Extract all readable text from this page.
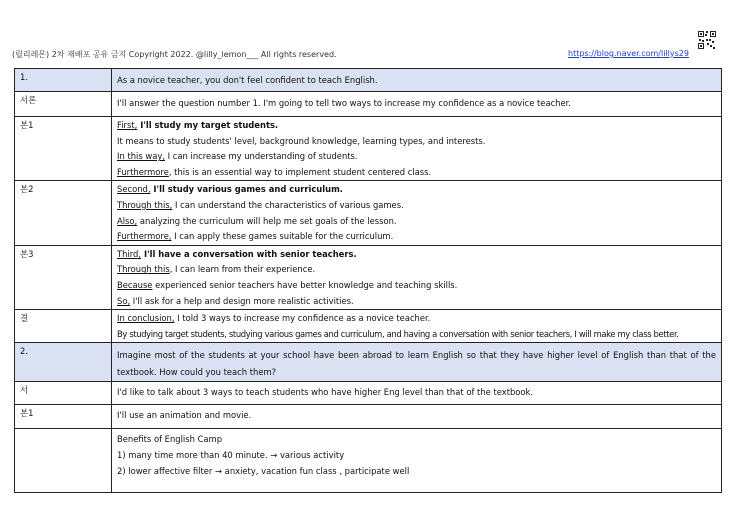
(릴리레몬) 2차 재배포 공유 금지 Copyright 2022. @lilly_lemon___ All rights reserved.	https://blog.naver.com/lillys29
1.	As a novice teacher, you don't feel confident to teach English.
서론	I'll answer the question number 1. I'm going to tell two ways to increase my confidence as a novice teacher.
본1	First, I'll study my target students.
It means to study students' level, background knowledge, learning types, and interests.
In this way, I can increase my understanding of students.
Furthermore, this is an essential way to implement student centered class.

본2	Second, I'll study various games and curriculum.
Through this, I can understand the characteristics of various games.
Also, analyzing the curriculum will help me set goals of the lesson.
Furthermore, I can apply these games suitable for the curriculum.

본3	Third, I'll have a conversation with senior teachers.
Through this, I can learn from their experience.
Because experienced senior teachers have better knowledge and teaching skills.
So, I'll ask for a help and design more realistic activities.

결	In conclusion, I told 3 ways to increase my confidence as a novice teacher.
By studying target students, studying various games and curriculum, and having a conversation with senior teachers, I will make my class better.

2.	Imagine most of the students at your school have been abroad to learn English so that they have higher level of English than that of the textbook. How could you teach them?

서	I'd like to talk about 3 ways to teach students who have higher Eng level than that of the textbook.
본1	I'll use an animation and movie.

	Benefits of English Camp
1) many time more than 40 minute. → various activity
2) lower affective filter → anxiety, vacation fun class , participate well
